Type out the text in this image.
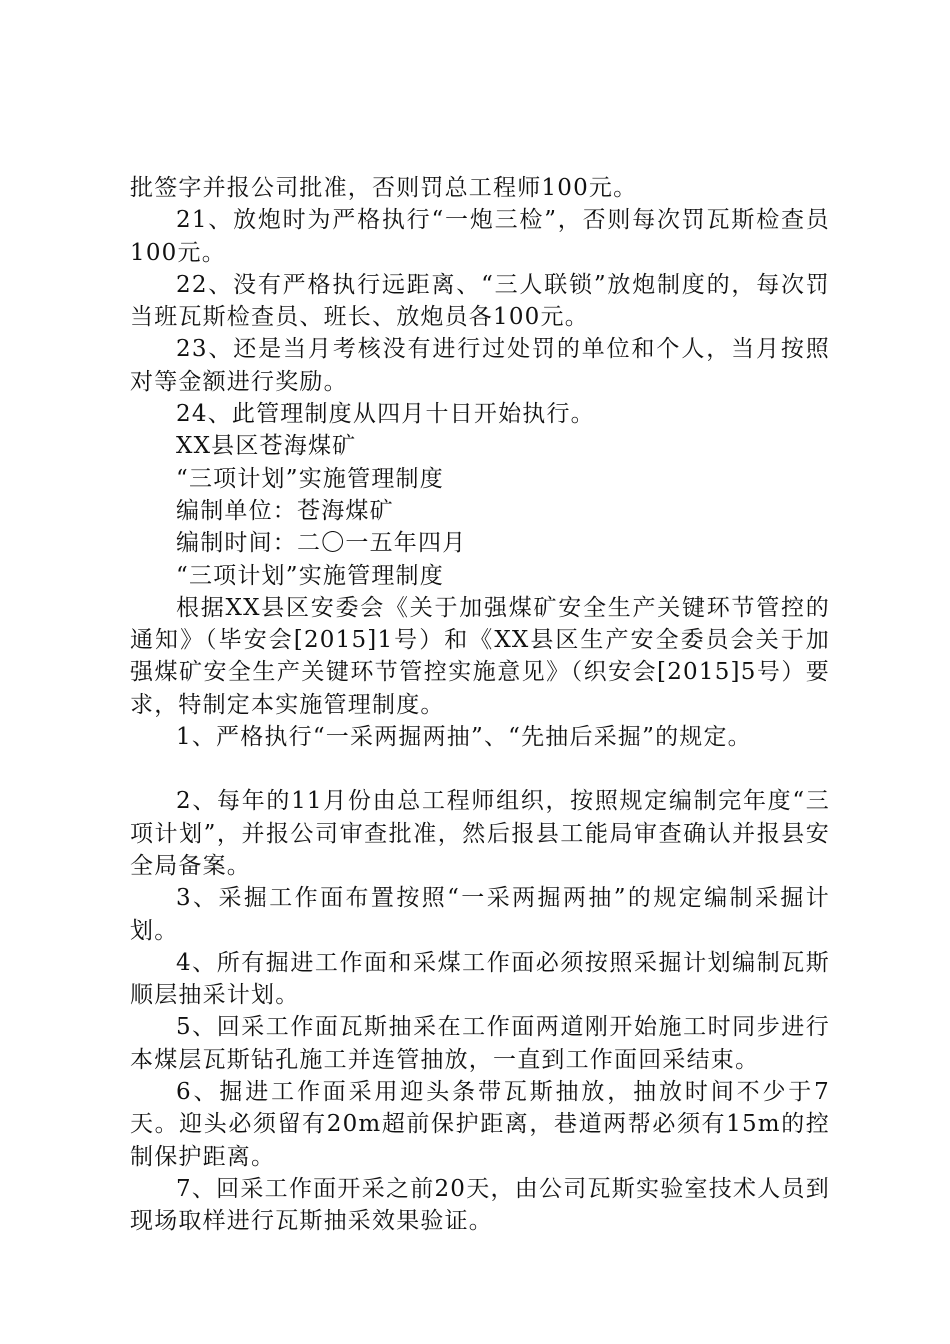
批签字并报公司批准，否则罚总工程师100元。

21、放炮时为严格执行“一炮三检”，否则每次罚瓦斯检查员100元。

22、没有严格执行远距离、“三人联锁”放炮制度的，每次罚当班瓦斯检查员、班长、放炮员各100元。

23、还是当月考核没有进行过处罚的单位和个人，当月按照对等金额进行奖励。

24、此管理制度从四月十日开始执行。

XX县区苍海煤矿

“三项计划”实施管理制度

编制单位：苍海煤矿

编制时间：二〇一五年四月

“三项计划”实施管理制度

根据XX县区安委会《关于加强煤矿安全生产关键环节管控的通知》（毕安会[2015]1号）和《XX县区生产安全委员会关于加强煤矿安全生产关键环节管控实施意见》（织安会[2015]5号）要求，特制定本实施管理制度。

1、严格执行“一采两掘两抽”、“先抽后采掘”的规定。

2、每年的11月份由总工程师组织，按照规定编制完年度“三项计划”，并报公司审查批准，然后报县工能局审查确认并报县安全局备案。

3、采掘工作面布置按照“一采两掘两抽”的规定编制采掘计划。

4、所有掘进工作面和采煤工作面必须按照采掘计划编制瓦斯顺层抽采计划。

5、回采工作面瓦斯抽采在工作面两道刚开始施工时同步进行本煤层瓦斯钻孔施工并连管抽放，一直到工作面回采结束。

6、掘进工作面采用迎头条带瓦斯抽放，抽放时间不少于7天。迎头必须留有20m超前保护距离，巷道两帮必须有15m的控制保护距离。

7、回采工作面开采之前20天，由公司瓦斯实验室技术人员到现场取样进行瓦斯抽采效果验证。
